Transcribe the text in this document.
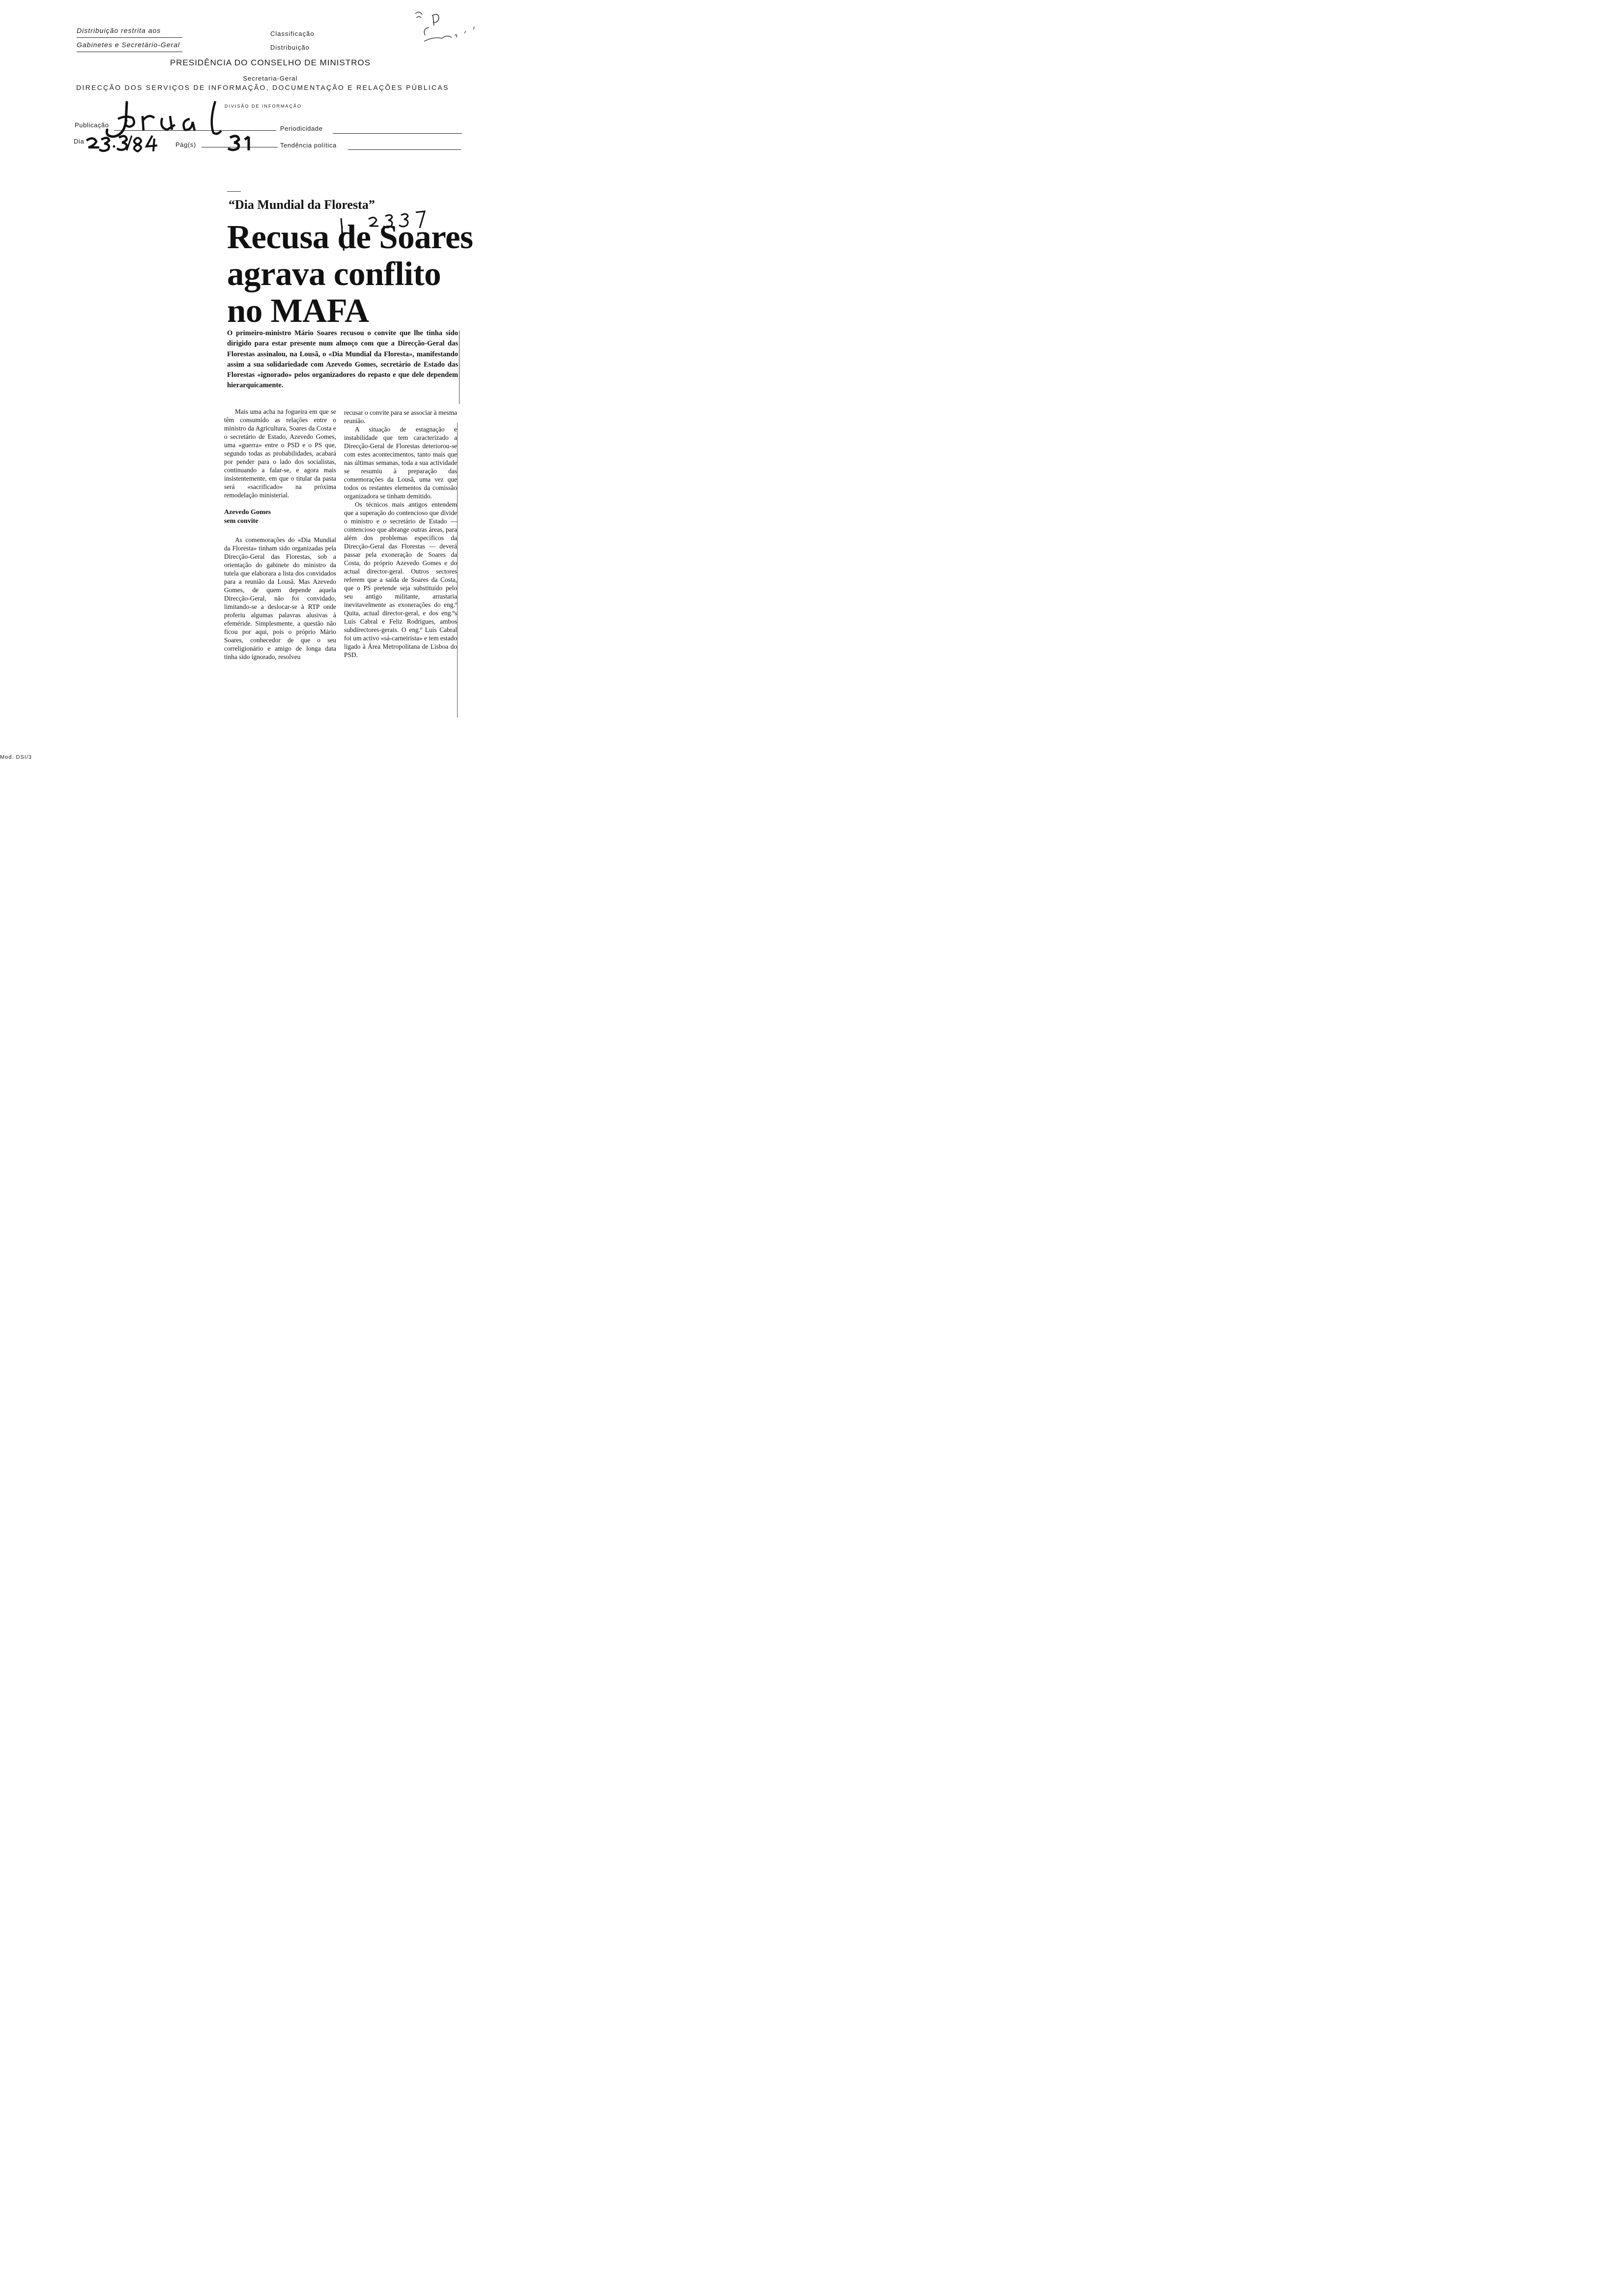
Distribuição restrita aos
Gabinetes e Secretário-Geral
Classificação
Distribuição
PRESIDÊNCIA DO CONSELHO DE MINISTROS
Secretaria-Geral
DIRECÇÃO DOS SERVIÇOS DE INFORMAÇÃO, DOCUMENTAÇÃO E RELAÇÕES PÚBLICAS
DIVISÃO DE INFORMAÇÃO
Publicação
Dia	Pág(s)
Periodicidade
Tendência política
“Dia Mundial da Floresta”
Recusa de Soares
agrava conflito
no MAFA
O primeiro-ministro Mário Soares recusou o convite que lhe tinha sido dirigido para estar presente num almoço com que a Direcção-Geral das Florestas assinalou, na Lousã, o «Dia Mundial da Floresta», manifestando assim a sua solidariedade com Azevedo Gomes, secretário de Estado das Florestas «ignorado» pelos organizadores do repasto e que dele dependem hierarquicamente.

Mais uma acha na fogueira em que se têm consumido as relações entre o ministro da Agricultura, Soares da Costa e o secretário de Estado, Azevedo Gomes, uma «guerra» entre o PSD e o PS que, segundo todas as probabilidades, acabará por pender para o lado dos socialistas, continuando a falar-se, e agora mais insistentemente, em que o titular da pasta será «sacrificado» na próxima remodelação ministerial.

Azevedo Gomes
sem convite

As comemorações do «Dia Mundial da Floresta» tinham sido organizadas pela Direcção-Geral das Florestas, sob a orientação do gabinete do ministro da tutela que elaborara a lista dos convidados para a reunião da Lousã. Mas Azevedo Gomes, de quem depende aquela Direcção-Geral, não foi convidado, limitando-se a deslocar-se à RTP onde proferiu algumas palavras alusivas à efeméride. Simplesmente, a questão não ficou por aqui, pois o próprio Mário Soares, conhecedor de que o seu correligionário e amigo de longa data tinha sido ignorado, resolveu

recusar o convite para se associar à mesma reunião.

A situação de estagnação e instabilidade que tem caracterizado a Direcção-Geral de Florestas deteriorou-se com estes acontecimentos, tanto mais que nas últimas semanas, toda a sua actividade se resumiu à preparação das comemorações da Lousã, uma vez que todos os restantes elementos da comissão organizadora se tinham demitido.

Os técnicos mais antigos entendem que a superação do contencioso que divide o ministro e o secretário de Estado — contencioso que abrange outras áreas, para além dos problemas específicos da Direcção-Geral das Florestas — deverá passar pela exoneração de Soares da Costa, do próprio Azevedo Gomes e do actual director-geral. Outros sectores referem que a saída de Soares da Costa, que o PS pretende seja substituído pelo seu antigo militante, arrastaria inevitavelmente as exonerações do eng.º Quita, actual director-geral, e dos eng.ºs Luís Cabral e Feliz Rodrigues, ambos subdirectores-gerais. O eng.º Luís Cabral foi um activo «sá-carneirista» e tem estado ligado à Área Metropolitana de Lisboa do PSD.

Mod. DSI/3
